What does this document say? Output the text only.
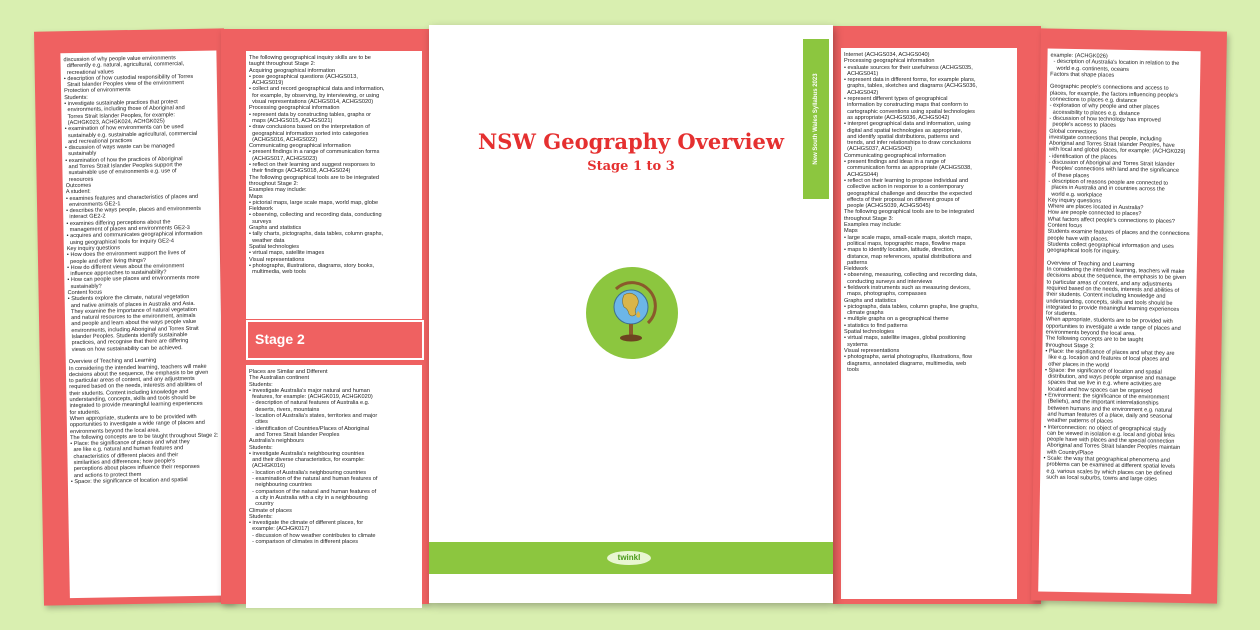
discussion of why people value environments
differently e.g. natural, agricultural, commercial,
recreational values
• description of how custodial responsibility of Torres
Strait Islander Peoples view of the environment
Protection of environments
Students:
• investigate sustainable practices that protect
environments, including those of Aboriginal and
Torres Strait Islander Peoples, for example:
(ACHGK023, ACHGK024, ACHGK025)
• examination of how environments can be used
sustainably e.g. sustainable agricultural, commercial
and recreational practices
• discussion of ways waste can be managed
sustainably
• examination of how the practices of Aboriginal
and Torres Strait Islander Peoples support the
sustainable use of environments e.g. use of
resources
Outcomes
A student:
• examines features and characteristics of places and
environments GE2-1
• describes the ways people, places and environments
interact GE2-2
• examines differing perceptions about the
management of places and environments GE2-3
• acquires and communicates geographical information
using geographical tools for inquiry GE2-4
Key inquiry questions
• How does the environment support the lives of
people and other living things?
• How do different views about the environment
influence approaches to sustainability?
• How can people use places and environments more
sustainably?
Content focus
• Students explore the climate, natural vegetation
and native animals of places in Australia and Asia.
They examine the importance of natural vegetation
and natural resources to the environment, animals
and people and learn about the ways people value
environments, including Aboriginal and Torres Strait
Islander Peoples. Students identify sustainable
practices, and recognise that there are differing
views on how sustainability can be achieved.

Overview of Teaching and Learning
In considering the intended learning, teachers will make
decisions about the sequence, the emphasis to be given
to particular areas of content, and any adjustments
required based on the needs, interests and abilities of
their students. Content including knowledge and
understanding, concepts, skills and tools should be
integrated to provide meaningful learning experiences
for students.
When appropriate, students are to be provided with
opportunities to investigate a wide range of places and
environments beyond the local area.
The following concepts are to be taught throughout Stage 2:
• Place: the significance of places and what they
are like e.g. natural and human features and
characteristics of different places and their
similarities and differences; how people's
perceptions about places influence their responses
and actions to protect them
• Space: the significance of location and spatial
The following geographical inquiry skills are to be
taught throughout Stage 2:
Acquiring geographical information
• pose geographical questions (ACHGS013,
ACHGS019)
• collect and record geographical data and information,
for example, by observing, by interviewing, or using
visual representations (ACHGS014, ACHGS020)
Processing geographical information
• represent data by constructing tables, graphs or
maps (ACHGS015, ACHGS021)
• draw conclusions based on the interpretation of
geographical information sorted into categories
(ACHGS016, ACHGS022)
Communicating geographical information
• present findings in a range of communication forms
(ACHGS017, ACHGS023)
• reflect on their learning and suggest responses to
their findings (ACHGS018, ACHGS024)
The following geographical tools are to be integrated
throughout Stage 2:
Examples may include:
Maps
• pictorial maps, large scale maps, world map, globe
Fieldwork
• observing, collecting and recording data, conducting
surveys
Graphs and statistics
• tally charts, pictographs, data tables, column graphs,
weather data
Spatial technologies
• virtual maps, satellite images
Visual representations
• photographs, illustrations, diagrams, story books,
multimedia, web tools
Places are Similar and Different
The Australian continent
Students:
• investigate Australia's major natural and human
features, for example: (ACHGK019, ACHGK020)
- description of natural features of Australia e.g.
deserts, rivers, mountains
- location of Australia's states, territories and major
cities
- identification of Countries/Places of Aboriginal
and Torres Strait Islander Peoples
Australia's neighbours
Students:
• investigate Australia's neighbouring countries
and their diverse characteristics, for example:
(ACHGK016)
- location of Australia's neighbouring countries
- examination of the natural and human features of
neighbouring countries
- comparison of the natural and human features of
a city in Australia with a city in a neighbouring
country
Climate of places
Students:
• investigate the climate of different places, for
example: (ACHGK017)
- discussion of how weather contributes to climate
- comparison of climates in different places
Stage 2
Internet (ACHGS034, ACHGS040)
Processing geographical information
• evaluate sources for their usefulness (ACHGS035,
ACHGS041)
• represent data in different forms, for example plans,
graphs, tables, sketches and diagrams (ACHGS036,
ACHGS042)
• represent different types of geographical
information by constructing maps that conform to
cartographic conventions using spatial technologies
as appropriate (ACHGS036, ACHGS042)
• interpret geographical data and information, using
digital and spatial technologies as appropriate,
and identify spatial distributions, patterns and
trends, and infer relationships to draw conclusions
(ACHGS037, ACHGS043)
Communicating geographical information
• present findings and ideas in a range of
communication forms as appropriate (ACHGS038,
ACHGS044)
• reflect on their learning to propose individual and
collective action in response to a contemporary
geographical challenge and describe the expected
effects of their proposal on different groups of
people (ACHGS039, ACHGS045)
The following geographical tools are to be integrated
throughout Stage 3:
Examples may include:
Maps
• large scale maps, small-scale maps, sketch maps,
political maps, topographic maps, flowline maps
• maps to identify location, latitude, direction,
distance, map references, spatial distributions and
patterns
Fieldwork
• observing, measuring, collecting and recording data,
conducting surveys and interviews
• fieldwork instruments such as measuring devices,
maps, photographs, compasses
Graphs and statistics
• pictographs, data tables, column graphs, line graphs,
climate graphs
• multiple graphs on a geographical theme
• statistics to find patterns
Spatial technologies
• virtual maps, satellite images, global positioning
systems
Visual representations
• photographs, aerial photographs, illustrations, flow
diagrams, annotated diagrams, multimedia, web
tools
example: (ACHGK026)
- description of Australia's location in relation to the
world e.g. continents, oceans
Factors that shape places

Geographic people's connections and access to
places, for example, the factors influencing people's
connections to places e.g. distance
- exploration of why people and other places
accessibility to places e.g. distance
- discussion of how technology has improved
people's access to places
Global connections
investigate connections that people, including
Aboriginal and Torres Strait Islander Peoples, have
with local and global places, for example: (ACHGK029)
- identification of the places
- discussion of Aboriginal and Torres Strait Islander
Peoples' connections with land and the significance
of these places
- description of reasons people are connected to
places in Australia and in countries across the
world e.g. workplace
Key inquiry questions
Where are places located in Australia?
How are people connected to places?
What factors affect people's connections to places?
Content focus
Students examine features of places and the connections
people have with places.
Students collect geographical information and uses
geographical tools for inquiry.

Overview of Teaching and Learning
In considering the intended learning, teachers will make
decisions about the sequence, the emphasis to be given
to particular areas of content, and any adjustments
required based on the needs, interests and abilities of
their students. Content including knowledge and
understanding, concepts, skills and tools should be
integrated to provide meaningful learning experiences
for students.
When appropriate, students are to be provided with
opportunities to investigate a wide range of places and
environments beyond the local area.
The following concepts are to be taught
throughout Stage 3:
• Place: the significance of places and what they are
like e.g. location and features of local places and
other places in the world
• Space: the significance of location and spatial
distribution, and ways people organise and manage
spaces that we live in e.g. where activities are
located and how spaces can be organised
• Environment: the significance of the environment
(Beliefs), and the important interrelationships
between humans and the environment e.g. natural
and human features of a place, daily and seasonal
weather patterns of places
• Interconnection: no object of geographical study
can be viewed in isolation e.g. local and global links
people have with places and the special connection
Aboriginal and Torres Strait Islander Peoples maintain
with Country/Place
• Scale: the way that geographical phenomena and
problems can be examined at different spatial levels
e.g. various scales by which places can be defined
such as local suburbs, towns and large cities
NSW Curriculum Overview Booklet Geography
NSW Curriculum Overview Booklet Geography
New South Wales Syllabus 2023
NSW Geography Overview
Stage 1 to 3
twinkl
